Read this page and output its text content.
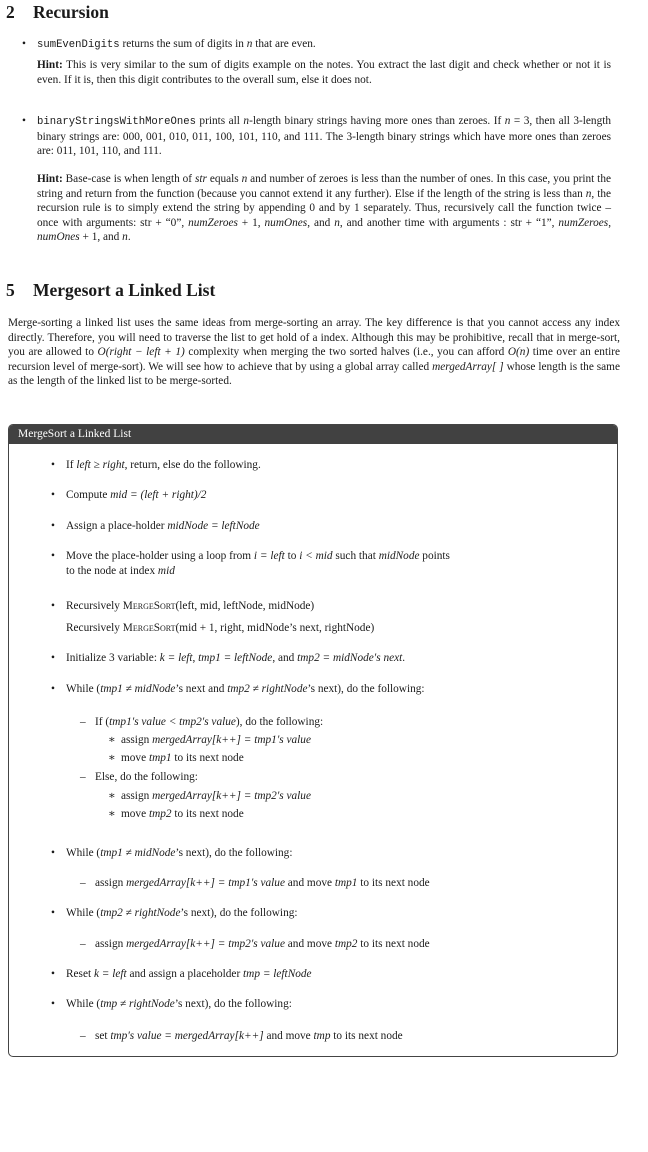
2 Recursion
• sumEvenDigits returns the sum of digits in n that are even.
Hint: This is very similar to the sum of digits example on the notes. You extract the last digit and check whether or not it is even. If it is, then this digit contributes to the overall sum, else it does not.
• binaryStringsWithMoreOnes prints all n-length binary strings having more ones than zeroes. If n = 3, then all 3-length binary strings are: 000, 001, 010, 011, 100, 101, 110, and 111. The 3-length binary strings which have more ones than zeroes are: 011, 101, 110, and 111.
Hint: Base-case is when length of str equals n and number of zeroes is less than the number of ones. In this case, you print the string and return from the function (because you cannot extend it any further). Else if the length of the string is less than n, the recursion rule is to simply extend the string by appending 0 and by 1 separately. Thus, recursively call the function twice – once with arguments: str + “0”, numZeroes + 1, numOnes, and n, and another time with arguments : str + “1”, numZeroes, numOnes + 1, and n.
5 Mergesort a Linked List
Merge-sorting a linked list uses the same ideas from merge-sorting an array. The key difference is that you cannot access any index directly. Therefore, you will need to traverse the list to get hold of a index. Although this may be prohibitive, recall that in merge-sort, you are allowed to O(right − left + 1) complexity when merging the two sorted halves (i.e., you can afford O(n) time over an entire recursion level of merge-sort). We will see how to achieve that by using a global array called mergedArray[ ] whose length is the same as the length of the linked list to be merge-sorted.
MergeSort a Linked List
• If left ≥ right, return, else do the following.
• Compute mid = (left + right)/2
• Assign a place-holder midNode = leftNode
• Move the place-holder using a loop from i = left to i < mid such that midNode points
to the node at index mid
• Recursively MergeSort(left, mid, leftNode, midNode)
Recursively MergeSort(mid + 1, right, midNode’s next, rightNode)
• Initialize 3 variable: k = left, tmp1 = leftNode, and tmp2 = midNode′s next.
• While (tmp1 ≠ midNode’s next and tmp2 ≠ rightNode’s next), do the following:
– If (tmp1′s value < tmp2′s value), do the following:
∗ assign mergedArray[k++] = tmp1′s value
∗ move tmp1 to its next node
– Else, do the following:
∗ assign mergedArray[k++] = tmp2′s value
∗ move tmp2 to its next node
• While (tmp1 ≠ midNode’s next), do the following:
– assign mergedArray[k++] = tmp1′s value and move tmp1 to its next node
• While (tmp2 ≠ rightNode’s next), do the following:
– assign mergedArray[k++] = tmp2′s value and move tmp2 to its next node
• Reset k = left and assign a placeholder tmp = leftNode
• While (tmp ≠ rightNode’s next), do the following:
– set tmp′s value = mergedArray[k++] and move tmp to its next node
